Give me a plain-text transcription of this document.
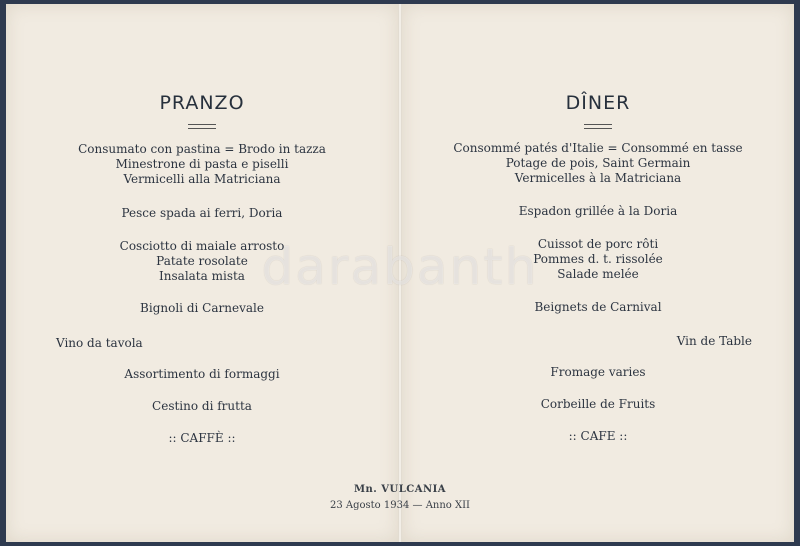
PRANZO
Consumato con pastina = Brodo in tazza
Minestrone di pasta e piselli
Vermicelli alla Matriciana
Pesce spada ai ferri, Doria
Cosciotto di maiale arrosto
Patate rosolate
Insalata mista
Bignoli di Carnevale
Vino da tavola
Assortimento di formaggi
Cestino di frutta
:: CAFFÈ ::
DÎNER
Consommé patés d'Italie = Consommé en tasse
Potage de pois, Saint Germain
Vermicelles à la Matriciana
Espadon grillée à la Doria
Cuissot de porc rôti
Pommes d. t. rissolée
Salade melée
Beignets de Carnival
Vin de Table
Fromage varies
Corbeille de Fruits
:: CAFE ::
Mn. VULCANIA
23 Agosto 1934 — Anno XII
darabanth
